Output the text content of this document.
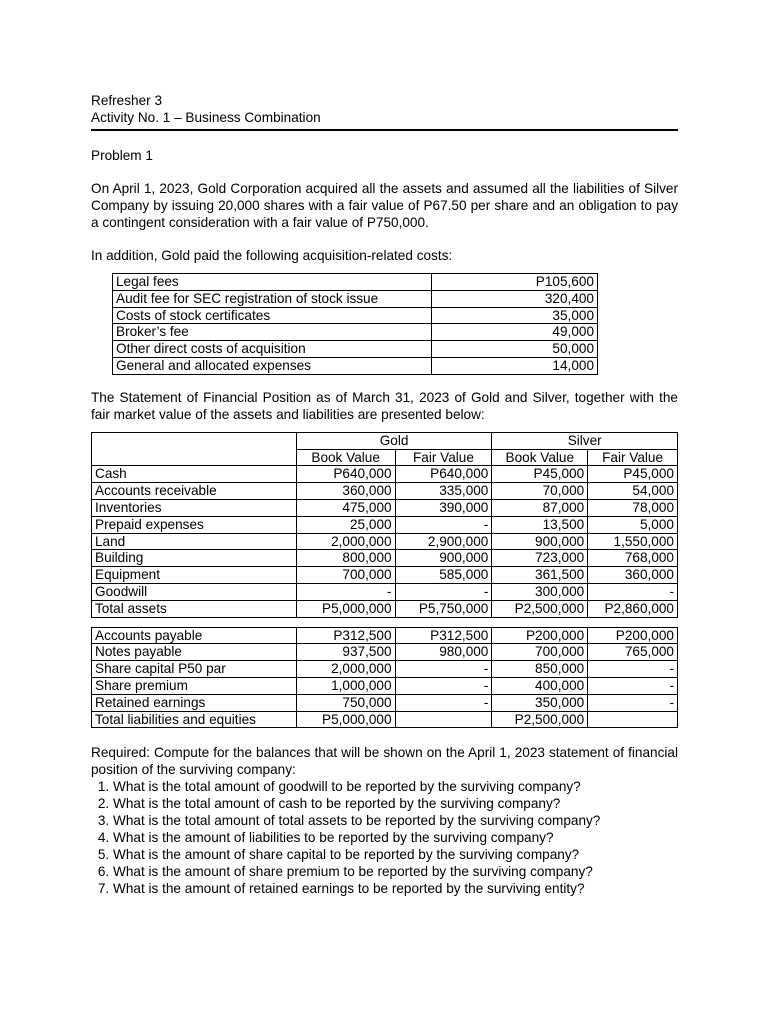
Refresher 3
Activity No. 1 – Business Combination
Problem 1
On April 1, 2023, Gold Corporation acquired all the assets and assumed all the liabilities of Silver Company by issuing 20,000 shares with a fair value of P67.50 per share and an obligation to pay a contingent consideration with a fair value of P750,000.
In addition, Gold paid the following acquisition-related costs:
Legal fees	P105,600
Audit fee for SEC registration of stock issue	320,400
Costs of stock certificates	35,000
Broker’s fee	49,000
Other direct costs of acquisition	50,000
General and allocated expenses	14,000
The Statement of Financial Position as of March 31, 2023 of Gold and Silver, together with the fair market value of the assets and liabilities are presented below:
	Gold		Silver	
	Book Value	Fair Value	Book Value	Fair Value
Cash	P640,000	P640,000	P45,000	P45,000
Accounts receivable	360,000	335,000	70,000	54,000
Inventories	475,000	390,000	87,000	78,000
Prepaid expenses	25,000	-	13,500	5,000
Land	2,000,000	2,900,000	900,000	1,550,000
Building	800,000	900,000	723,000	768,000
Equipment	700,000	585,000	361,500	360,000
Goodwill	-	-	300,000	-
Total assets	P5,000,000	P5,750,000	P2,500,000	P2,860,000
Accounts payable	P312,500	P312,500	P200,000	P200,000
Notes payable	937,500	980,000	700,000	765,000
Share capital P50 par	2,000,000	-	850,000	-
Share premium	1,000,000	-	400,000	-
Retained earnings	750,000	-	350,000	-
Total liabilities and equities	P5,000,000		P2,500,000	
Required: Compute for the balances that will be shown on the April 1, 2023 statement of financial position of the surviving company:
1. What is the total amount of goodwill to be reported by the surviving company?
2. What is the total amount of cash to be reported by the surviving company?
3. What is the total amount of total assets to be reported by the surviving company?
4. What is the amount of liabilities to be reported by the surviving company?
5. What is the amount of share capital to be reported by the surviving company?
6. What is the amount of share premium to be reported by the surviving company?
7. What is the amount of retained earnings to be reported by the surviving entity?
